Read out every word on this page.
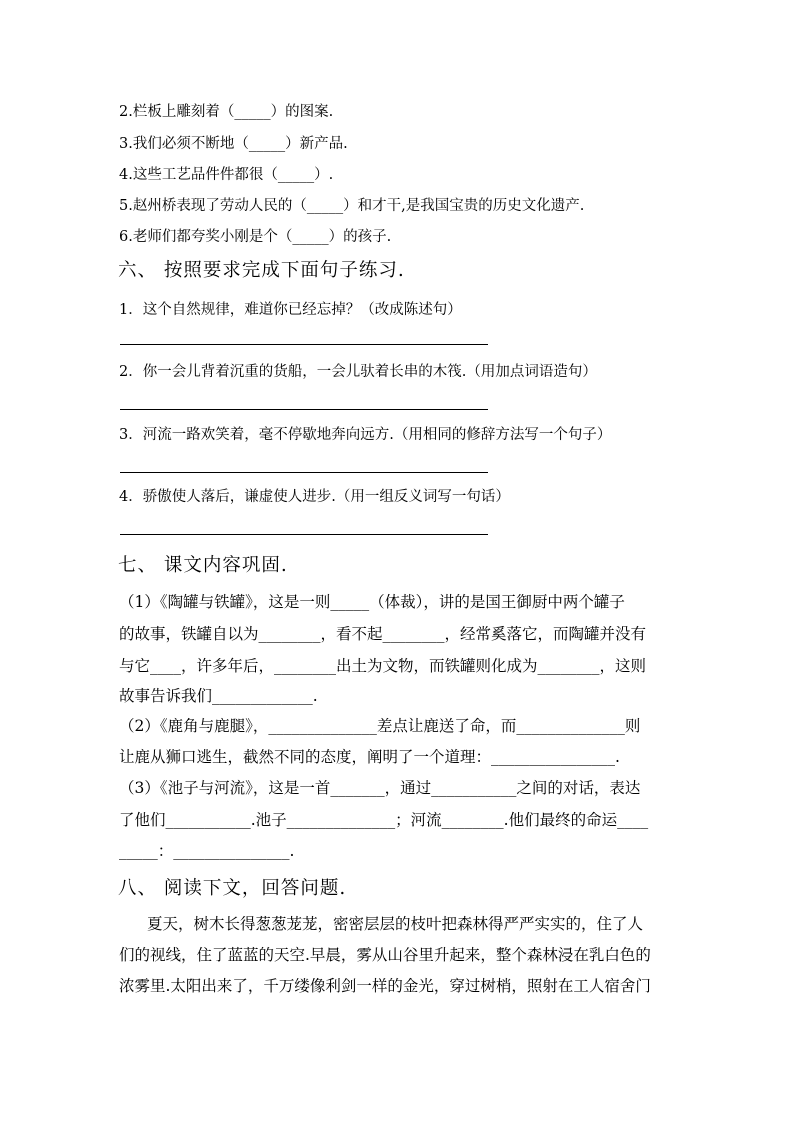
2.栏板上雕刻着（_____）的图案.
3.我们必须不断地（_____）新产品.
4.这些工艺品件件都很（_____）.
5.赵州桥表现了劳动人民的（_____）和才干,是我国宝贵的历史文化遗产.
6.老师们都夸奖小刚是个（_____）的孩子.
六、 按照要求完成下面句子练习.
1．这个自然规律，难道你已经忘掉？（改成陈述句）
2．你一会儿背着沉重的货船，一会儿驮着长串的木筏.（用加点词语造句）
3．河流一路欢笑着，毫不停歇地奔向远方.（用相同的修辞方法写一个句子）
4．骄傲使人落后，谦虚使人进步.（用一组反义词写一句话）
七、 课文内容巩固.
（1）《陶罐与铁罐》，这是一则_____（体裁），讲的是国王御厨中两个罐子
的故事，铁罐自以为________，看不起________，经常奚落它，而陶罐并没有
与它____，许多年后，________出土为文物，而铁罐则化成为________，这则
故事告诉我们_____________.
（2）《鹿角与鹿腿》，______________差点让鹿送了命，而______________则
让鹿从狮口逃生，截然不同的态度，阐明了一个道理：________________.
（3）《池子与河流》，这是一首_______，通过___________之间的对话，表达
了他们___________.池子______________；河流________.他们最终的命运____
_____：_______________.
八、 阅读下文，回答问题.
夏天，树木长得葱葱茏茏，密密层层的枝叶把森林得严严实实的，住了人
们的视线，住了蓝蓝的天空.早晨，雾从山谷里升起来，整个森林浸在乳白色的
浓雾里.太阳出来了，千万缕像利剑一样的金光，穿过树梢，照射在工人宿舍门
